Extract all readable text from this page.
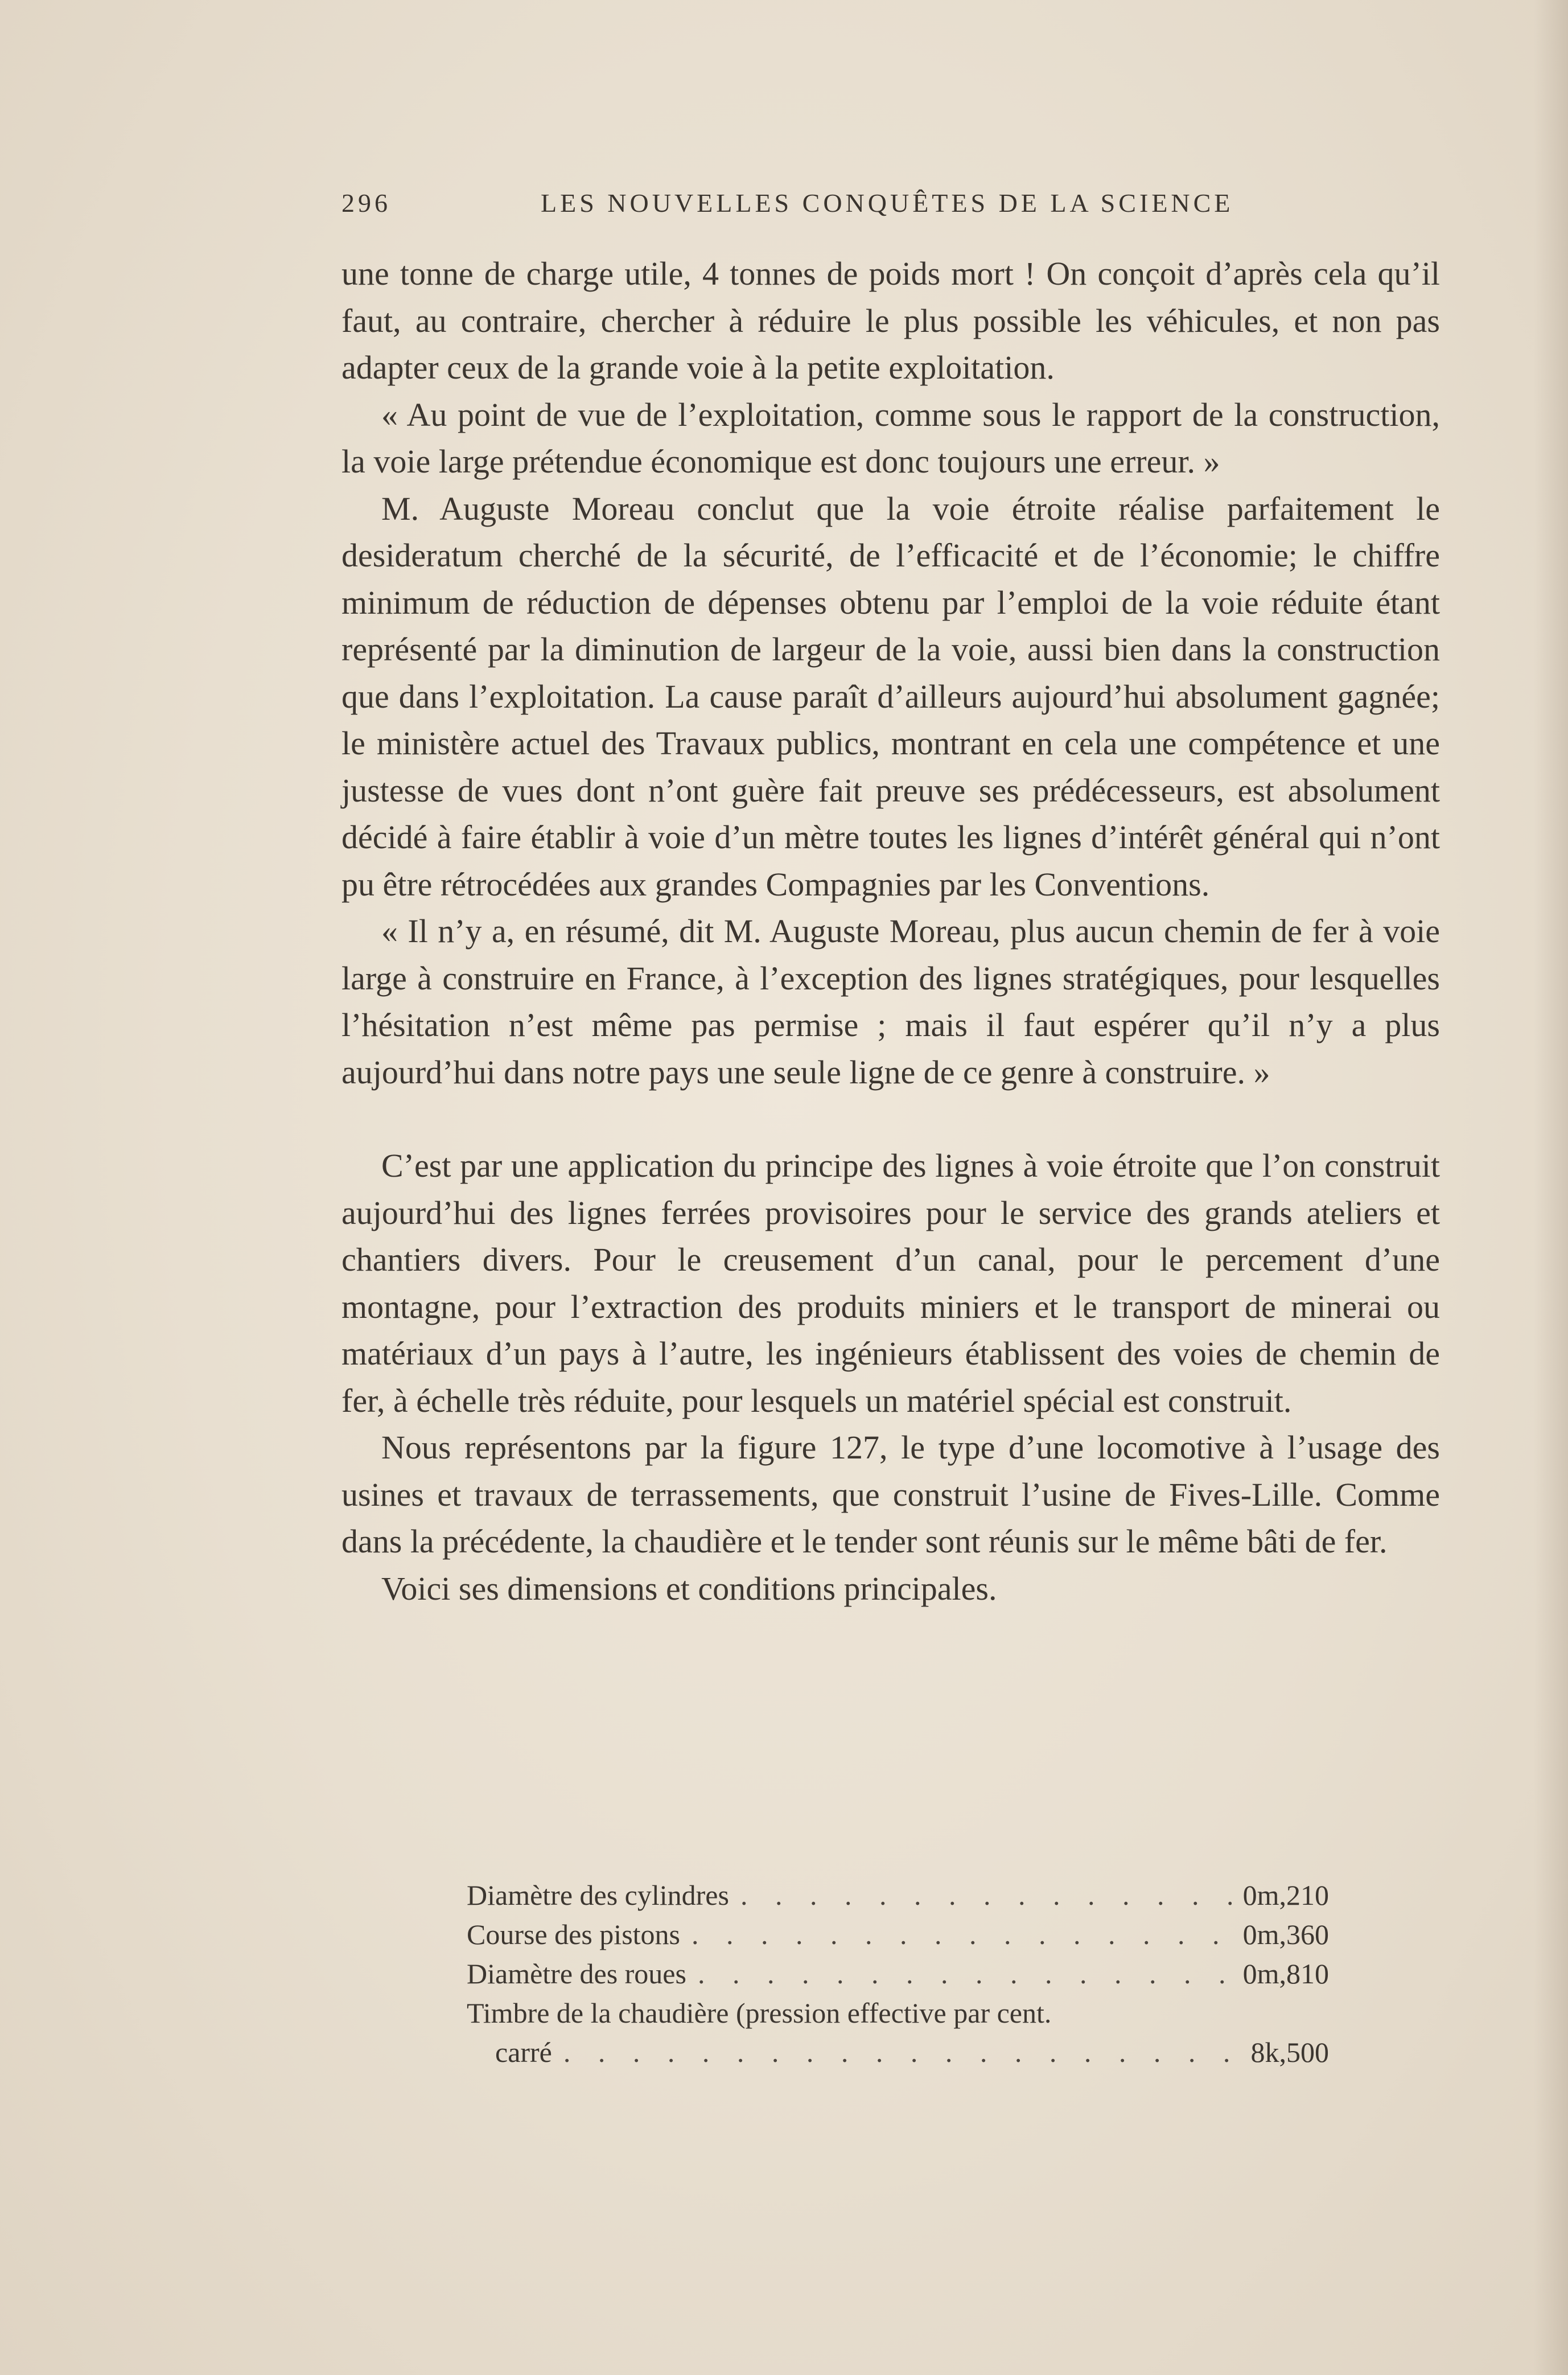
296	LES NOUVELLES CONQUÊTES DE LA SCIENCE

une tonne de charge utile, 4 tonnes de poids mort ! On conçoit d’après cela qu’il faut, au contraire, chercher à réduire le plus possible les véhicules, et non pas adapter ceux de la grande voie à la petite exploitation.

« Au point de vue de l’exploitation, comme sous le rapport de la construction, la voie large prétendue économique est donc toujours une erreur. »

M. Auguste Moreau conclut que la voie étroite réalise parfaitement le desideratum cherché de la sécurité, de l’efficacité et de l’économie; le chiffre minimum de réduction de dépenses obtenu par l’emploi de la voie réduite étant représenté par la diminution de largeur de la voie, aussi bien dans la construction que dans l’exploitation. La cause paraît d’ailleurs aujourd’hui absolument gagnée; le ministère actuel des Travaux publics, montrant en cela une compétence et une justesse de vues dont n’ont guère fait preuve ses prédécesseurs, est absolument décidé à faire établir à voie d’un mètre toutes les lignes d’intérêt général qui n’ont pu être rétrocédées aux grandes Compagnies par les Conventions.

« Il n’y a, en résumé, dit M. Auguste Moreau, plus aucun chemin de fer à voie large à construire en France, à l’exception des lignes stratégiques, pour lesquelles l’hésitation n’est même pas permise ; mais il faut espérer qu’il n’y a plus aujourd’hui dans notre pays une seule ligne de ce genre à construire. »

C’est par une application du principe des lignes à voie étroite que l’on construit aujourd’hui des lignes ferrées provisoires pour le service des grands ateliers et chantiers divers. Pour le creusement d’un canal, pour le percement d’une montagne, pour l’extraction des produits miniers et le transport de minerai ou matériaux d’un pays à l’autre, les ingénieurs établissent des voies de chemin de fer, à échelle très réduite, pour lesquels un matériel spécial est construit.

Nous représentons par la figure 127, le type d’une locomotive à l’usage des usines et travaux de terrassements, que construit l’usine de Fives-Lille. Comme dans la précédente, la chaudière et le tender sont réunis sur le même bâti de fer.

Voici ses dimensions et conditions principales.

Diamètre des cylindres . . .	0m,210
Course des pistons . . .	0m,360
Diamètre des roues . . .	0m,810
Timbre de la chaudière (pression effective par cent.
carré . . .	8k,500
